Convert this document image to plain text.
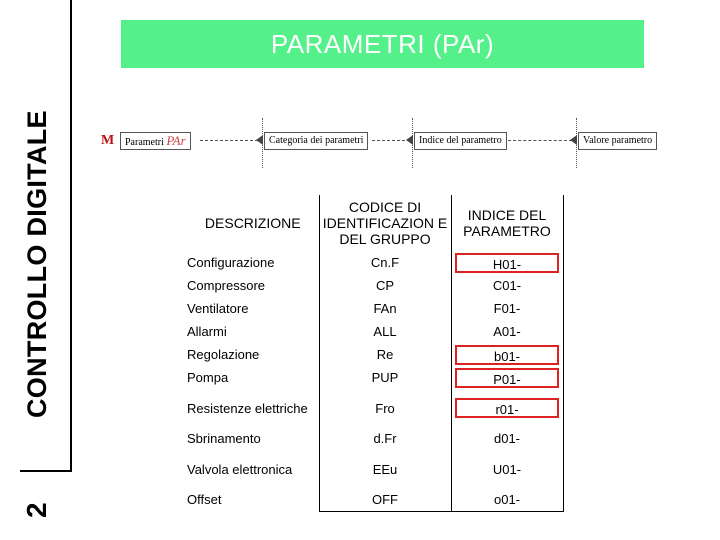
CONTROLLO DIGITALE
2
PARAMETRI (PAr)
M	Parametri PAr	Categoria dei parametri	Indice del parametro	Valore parametro
DESCRIZIONE	CODICE DI IDENTIFICAZION E DEL GRUPPO	INDICE DEL PARAMETRO
Configurazione	Cn.F	H01-
Compressore	CP	C01-
Ventilatore	FAn	F01-
Allarmi	ALL	A01-
Regolazione	Re	b01-
Pompa	PUP	P01-
Resistenze elettriche	Fro	r01-
Sbrinamento	d.Fr	d01-
Valvola elettronica	EEu	U01-
Offset	OFF	o01-
